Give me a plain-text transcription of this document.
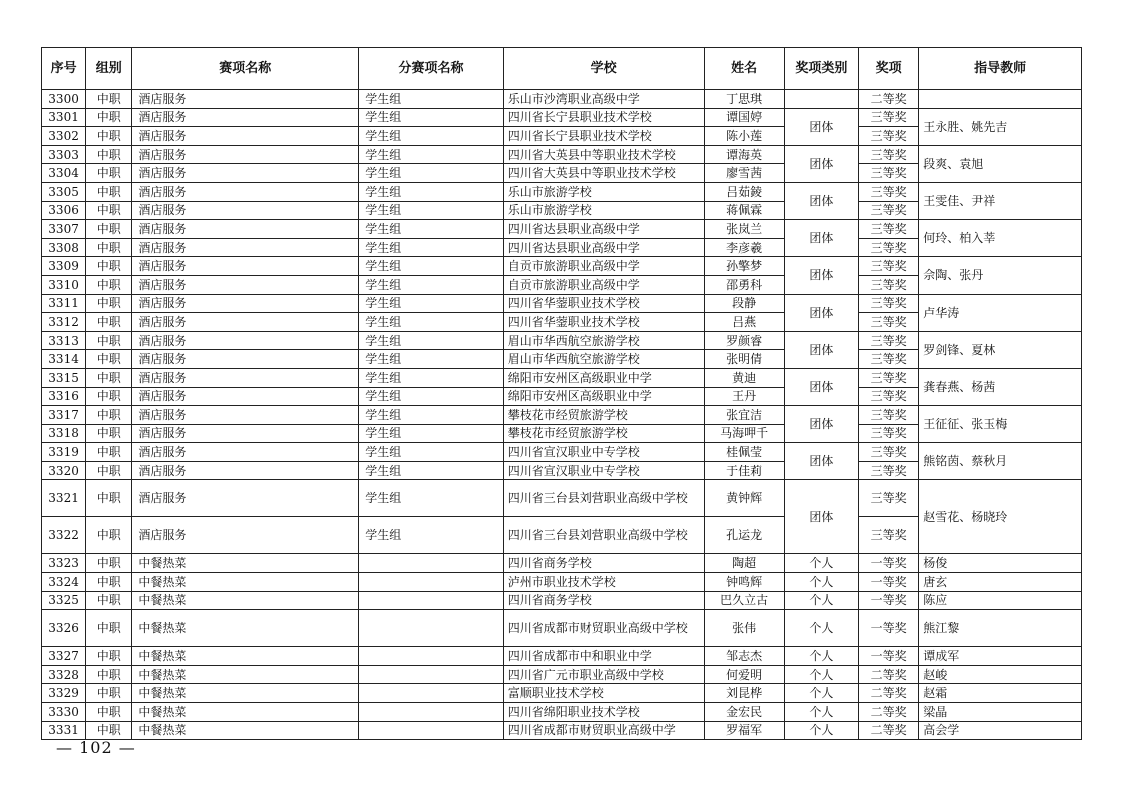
序号	组别	赛项名称	分赛项名称	学校	姓名	奖项类别	奖项	指导教师
3300	中职	酒店服务	学生组	乐山市沙湾职业高级中学	丁思琪		二等奖	
3301	中职	酒店服务	学生组	四川省长宁县职业技术学校	谭国婷	团体	三等奖	王永胜、姚先吉
3302	中职	酒店服务	学生组	四川省长宁县职业技术学校	陈小莲		三等奖	
3303	中职	酒店服务	学生组	四川省大英县中等职业技术学校	谭海英	团体	三等奖	段爽、袁旭
3304	中职	酒店服务	学生组	四川省大英县中等职业技术学校	廖雪茜		三等奖	
3305	中职	酒店服务	学生组	乐山市旅游学校	吕茹錂	团体	三等奖	王雯佳、尹祥
3306	中职	酒店服务	学生组	乐山市旅游学校	蒋佩霖		三等奖	
3307	中职	酒店服务	学生组	四川省达县职业高级中学	张岚兰	团体	三等奖	何玲、柏入莘
3308	中职	酒店服务	学生组	四川省达县职业高级中学	李彦羲		三等奖	
3309	中职	酒店服务	学生组	自贡市旅游职业高级中学	孙擎梦	团体	三等奖	佘陶、张丹
3310	中职	酒店服务	学生组	自贡市旅游职业高级中学	邵勇科		三等奖	
3311	中职	酒店服务	学生组	四川省华蓥职业技术学校	段静	团体	三等奖	卢华涛
3312	中职	酒店服务	学生组	四川省华蓥职业技术学校	吕燕		三等奖	
3313	中职	酒店服务	学生组	眉山市华西航空旅游学校	罗颜睿	团体	三等奖	罗剑锋、夏林
3314	中职	酒店服务	学生组	眉山市华西航空旅游学校	张明倩		三等奖	
3315	中职	酒店服务	学生组	绵阳市安州区高级职业中学	黄迪	团体	三等奖	龚春燕、杨茜
3316	中职	酒店服务	学生组	绵阳市安州区高级职业中学	王丹		三等奖	
3317	中职	酒店服务	学生组	攀枝花市经贸旅游学校	张宜洁	团体	三等奖	王征征、张玉梅
3318	中职	酒店服务	学生组	攀枝花市经贸旅游学校	马海呷千		三等奖	
3319	中职	酒店服务	学生组	四川省宣汉职业中专学校	桂佩莹	团体	三等奖	熊铭茵、蔡秋月
3320	中职	酒店服务	学生组	四川省宣汉职业中专学校	于佳莉		三等奖	
3321	中职	酒店服务	学生组	四川省三台县刘营职业高级中学校	黄钟辉	团体	三等奖	赵雪花、杨晓玲
3322	中职	酒店服务	学生组	四川省三台县刘营职业高级中学校	孔运龙		三等奖	
3323	中职	中餐热菜		四川省商务学校	陶超	个人	一等奖	杨俊
3324	中职	中餐热菜		泸州市职业技术学校	钟鸣辉	个人	一等奖	唐玄
3325	中职	中餐热菜		四川省商务学校	巴久立古	个人	一等奖	陈应
3326	中职	中餐热菜		四川省成都市财贸职业高级中学校	张伟	个人	一等奖	熊江黎
3327	中职	中餐热菜		四川省成都市中和职业中学	邹志杰	个人	一等奖	谭成军
3328	中职	中餐热菜		四川省广元市职业高级中学校	何爱明	个人	二等奖	赵峻
3329	中职	中餐热菜		富顺职业技术学校	刘昆桦	个人	二等奖	赵霜
3330	中职	中餐热菜		四川省绵阳职业技术学校	金宏民	个人	二等奖	梁晶
3331	中职	中餐热菜		四川省成都市财贸职业高级中学	罗福军	个人	二等奖	高会学
— 102 —
